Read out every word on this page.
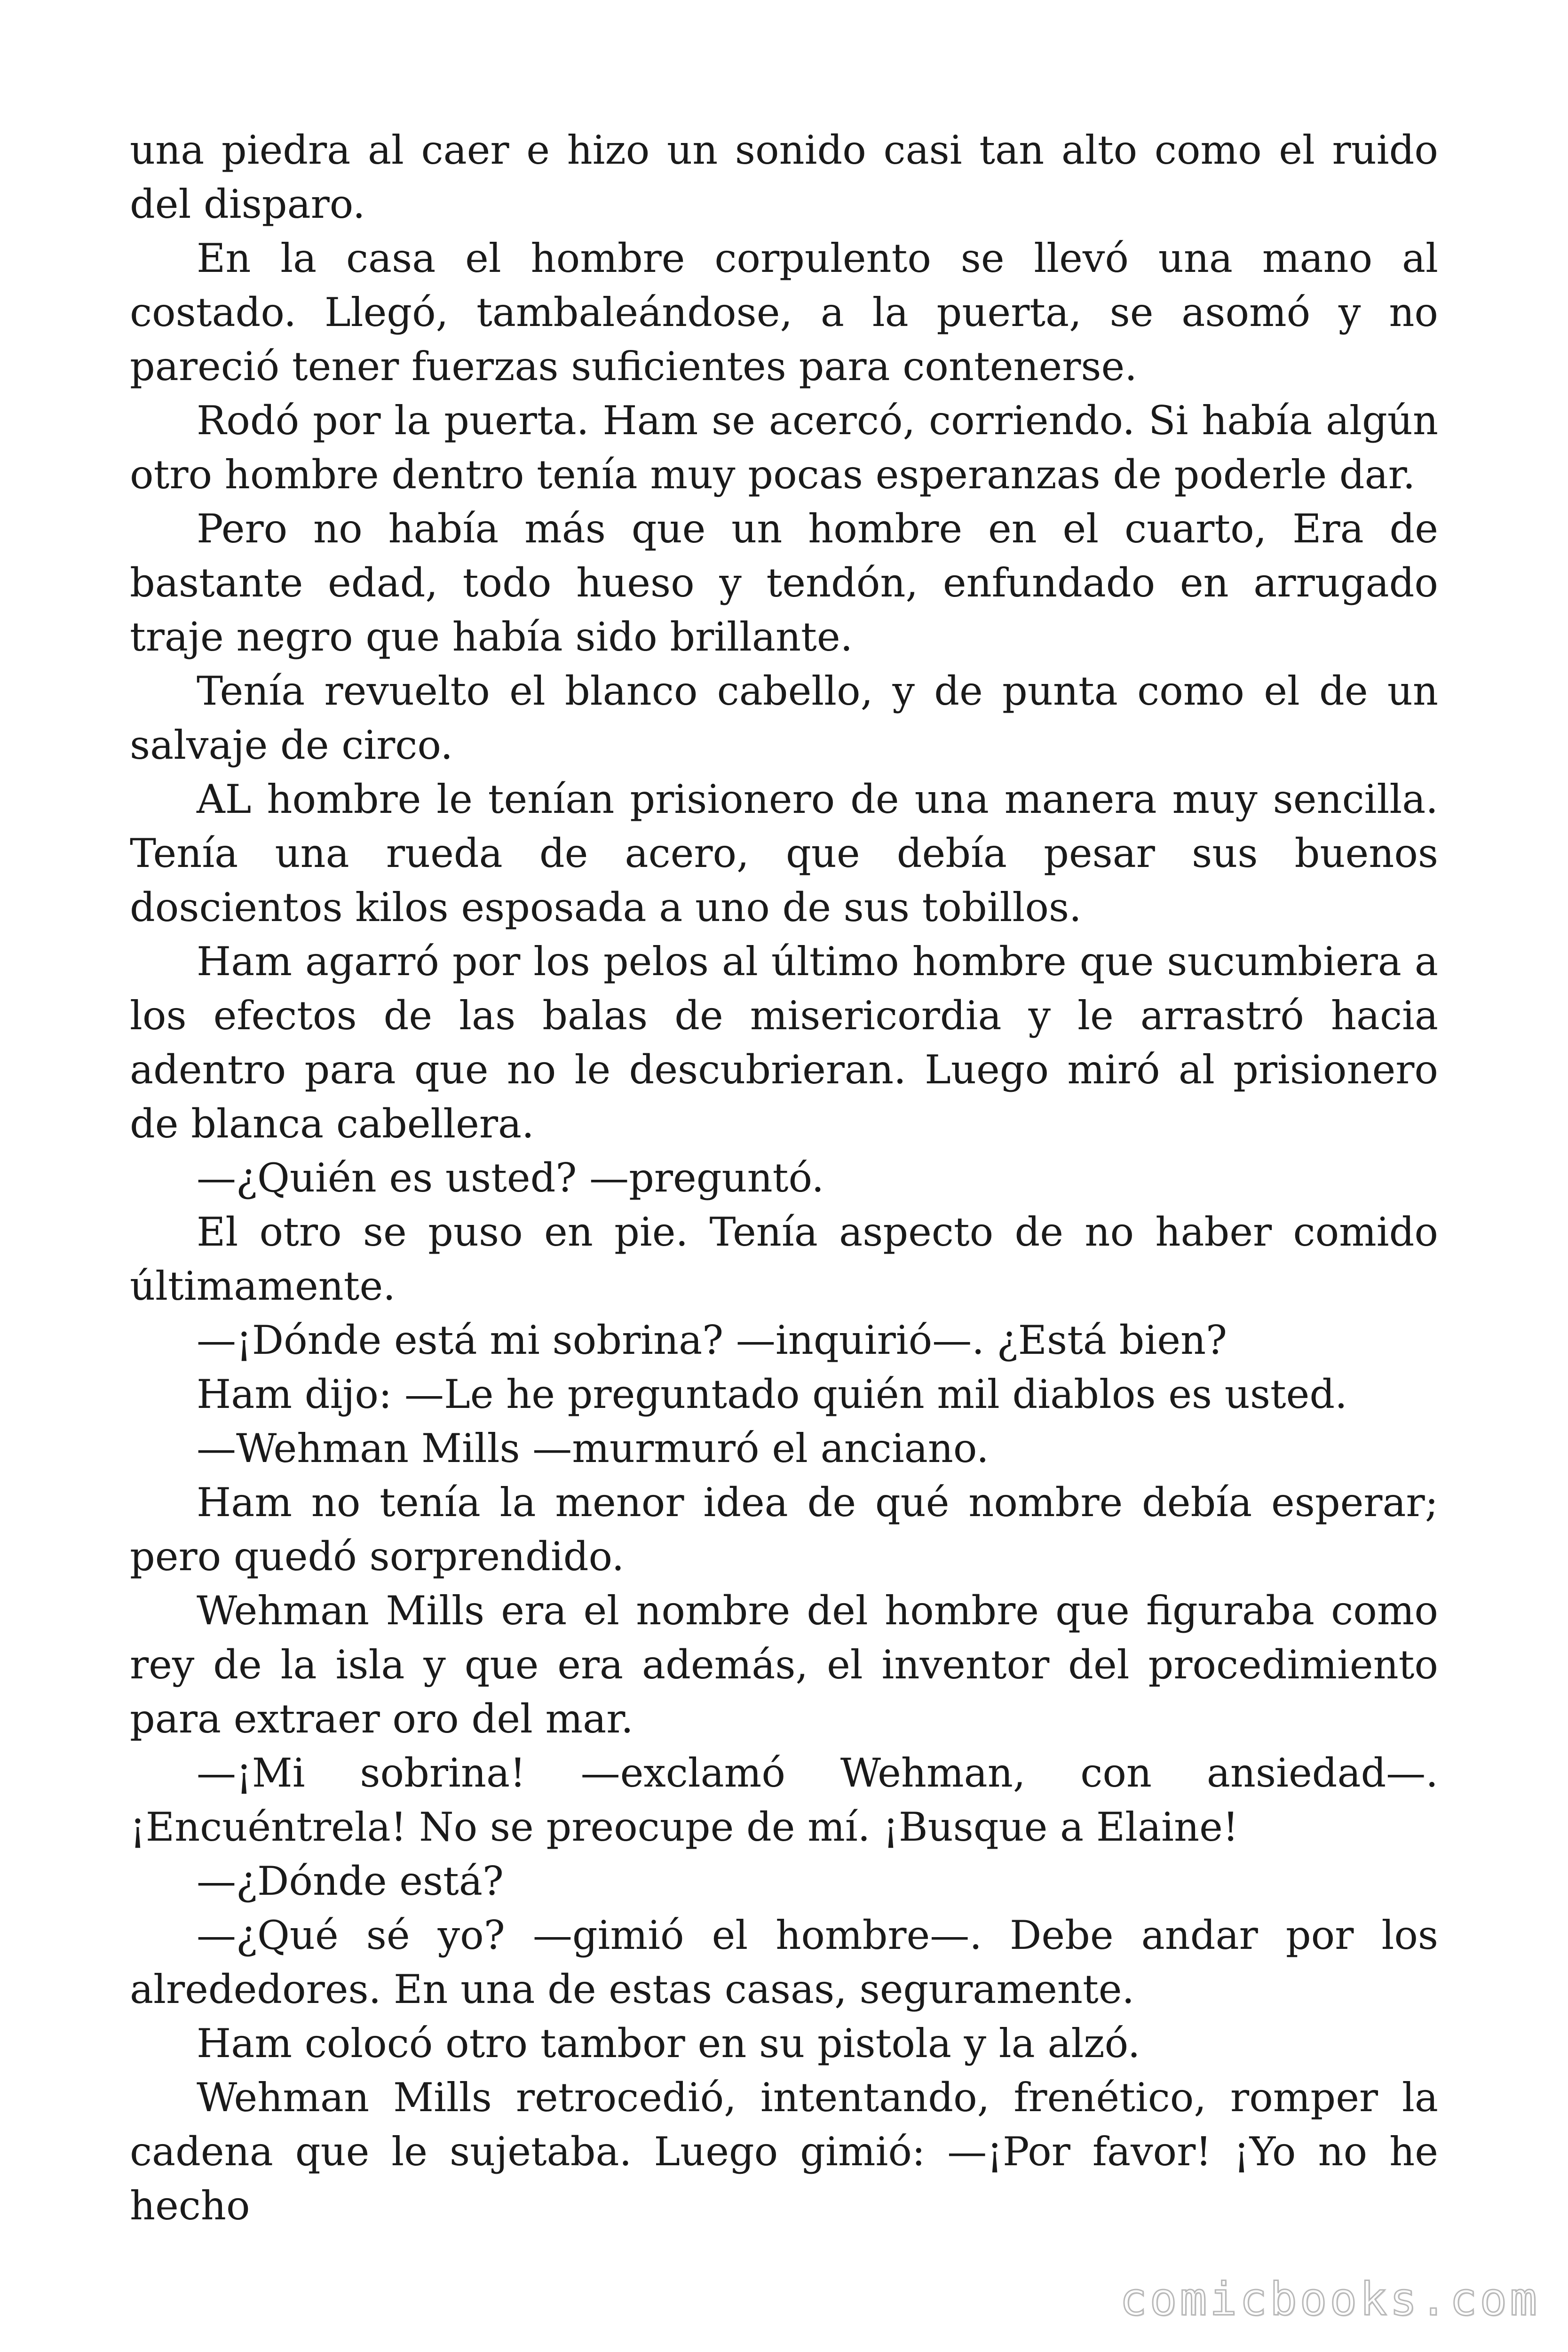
una piedra al caer e hizo un sonido casi tan alto como el ruido del disparo.

En la casa el hombre corpulento se llevó una mano al costado. Llegó, tambaleándose, a la puerta, se asomó y no pareció tener fuerzas suficientes para contenerse.

Rodó por la puerta. Ham se acercó, corriendo. Si había algún otro hombre dentro tenía muy pocas esperanzas de poderle dar.

Pero no había más que un hombre en el cuarto, Era de bastante edad, todo hueso y tendón, enfundado en arrugado traje negro que había sido brillante.

Tenía revuelto el blanco cabello, y de punta como el de un salvaje de circo.

AL hombre le tenían prisionero de una manera muy sencilla. Tenía una rueda de acero, que debía pesar sus buenos doscientos kilos esposada a uno de sus tobillos.

Ham agarró por los pelos al último hombre que sucumbiera a los efectos de las balas de misericordia y le arrastró hacia adentro para que no le descubrieran. Luego miró al prisionero de blanca cabellera.

—¿Quién es usted? —preguntó.

El otro se puso en pie. Tenía aspecto de no haber comido últimamente.

—¡Dónde está mi sobrina? —inquirió—. ¿Está bien?

Ham dijo: —Le he preguntado quién mil diablos es usted.

—Wehman Mills —murmuró el anciano.

Ham no tenía la menor idea de qué nombre debía esperar; pero quedó sorprendido.

Wehman Mills era el nombre del hombre que figuraba como rey de la isla y que era además, el inventor del procedimiento para extraer oro del mar.

—¡Mi sobrina! —exclamó Wehman, con ansiedad—. ¡Encuéntrela! No se preocupe de mí. ¡Busque a Elaine!

—¿Dónde está?

—¿Qué sé yo? —gimió el hombre—. Debe andar por los alrededores. En una de estas casas, seguramente.

Ham colocó otro tambor en su pistola y la alzó.

Wehman Mills retrocedió, intentando, frenético, romper la cadena que le sujetaba. Luego gimió: —¡Por favor! ¡Yo no he hecho

comicbooks.com
